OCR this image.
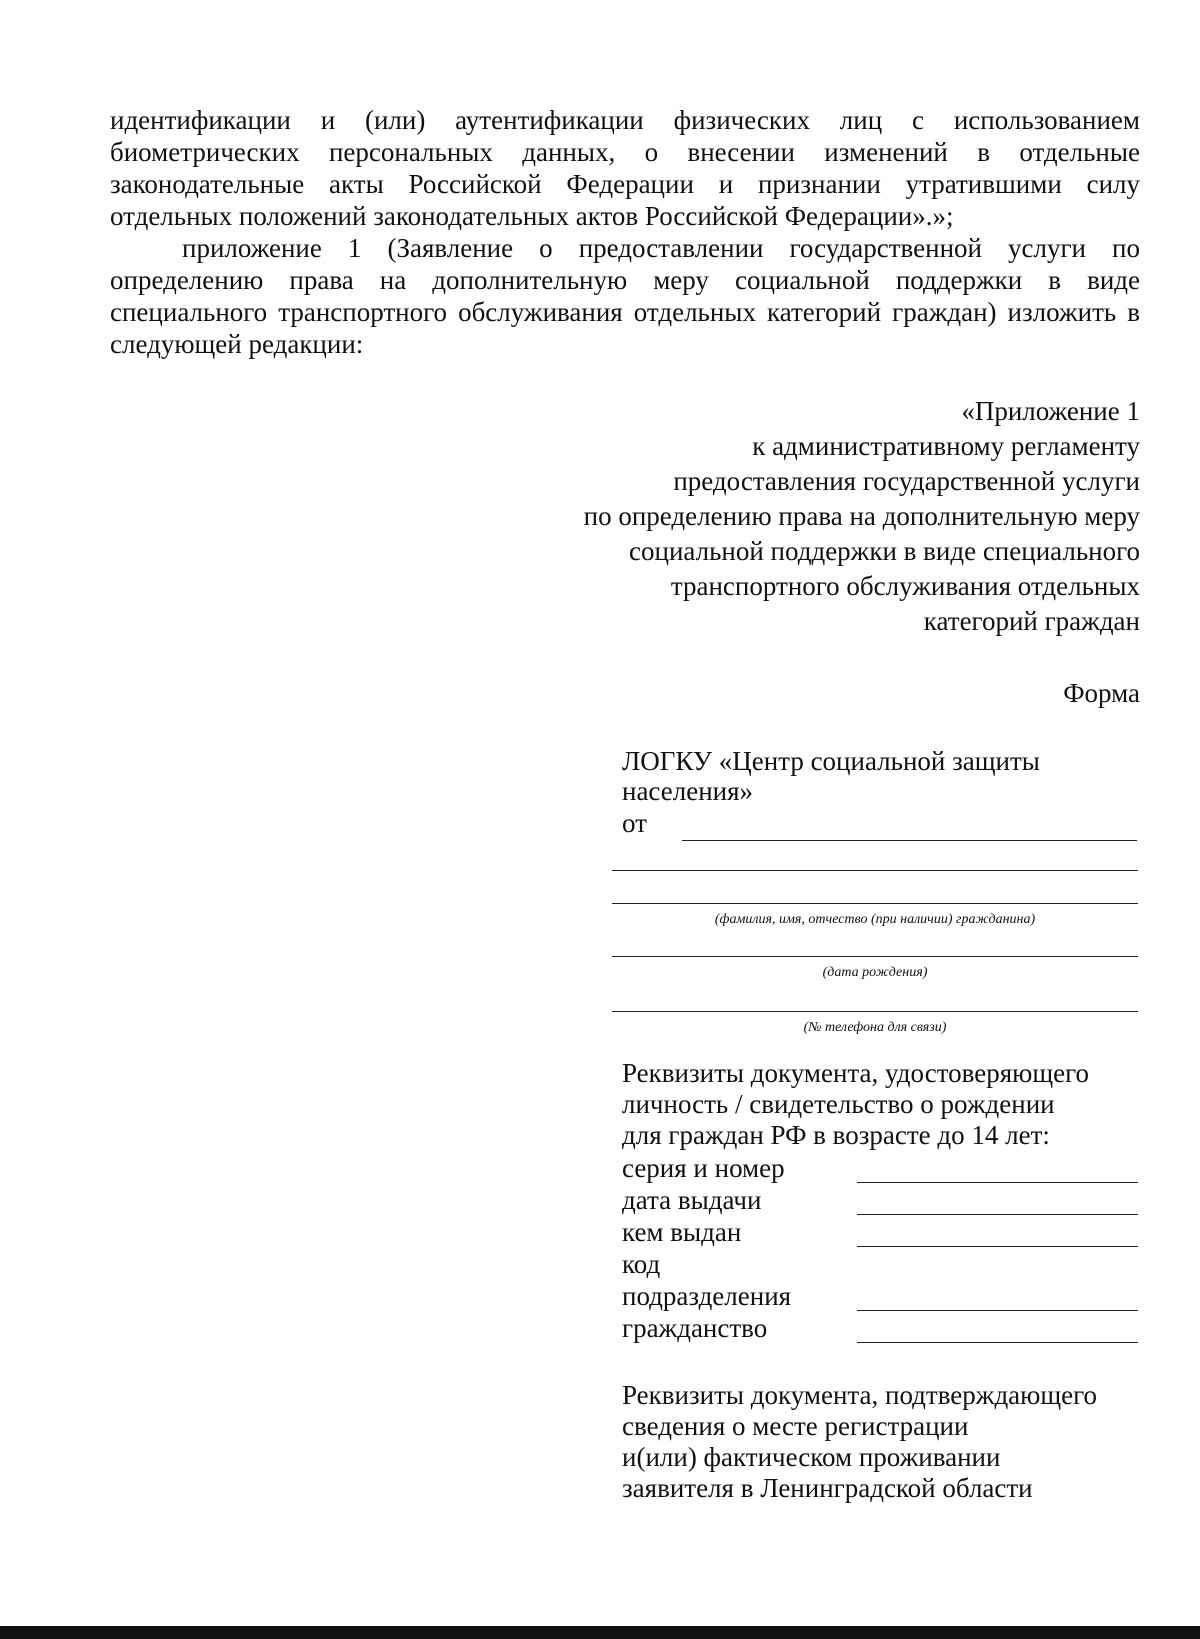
идентификации и (или) аутентификации физических лиц с использованием биометрических персональных данных, о внесении изменений в отдельные законодательные акты Российской Федерации и признании утратившими силу отдельных положений законодательных актов Российской Федерации».»;

приложение 1 (Заявление о предоставлении государственной услуги по определению права на дополнительную меру социальной поддержки в виде специального транспортного обслуживания отдельных категорий граждан) изложить в следующей редакции:

«Приложение 1
к административному регламенту
предоставления государственной услуги
по определению права на дополнительную меру
социальной поддержки в виде специального
транспортного обслуживания отдельных
категорий граждан
Форма
ЛОГКУ «Центр социальной защиты
населения»
от
(фамилия, имя, отчество (при наличии) гражданина)
(дата рождения)
(№ телефона для связи)
Реквизиты документа, удостоверяющего
личность / свидетельство о рождении
для граждан РФ в возрасте до 14 лет:
серия и номер
дата выдачи
кем выдан
код
подразделения
гражданство
Реквизиты документа, подтверждающего
сведения о месте регистрации
и(или) фактическом проживании
заявителя в Ленинградской области
